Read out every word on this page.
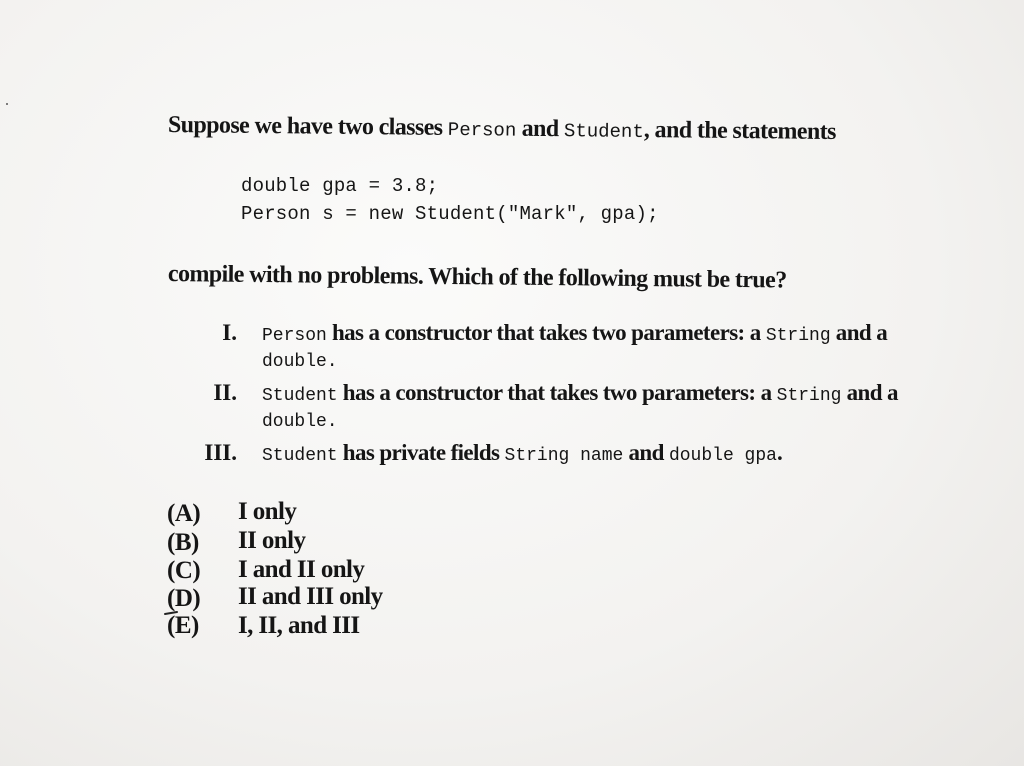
Suppose we have two classes Person and Student, and the statements
double gpa = 3.8;
Person s = new Student("Mark", gpa);
compile with no problems. Which of the following must be true?
I. Person has a constructor that takes two parameters: a String and a
double.
II. Student has a constructor that takes two parameters: a String and a
double.
III. Student has private fields String name and double gpa.
(A) I only
(B) II only
(C) I and II only
(D) II and III only
(E) I, II, and III
